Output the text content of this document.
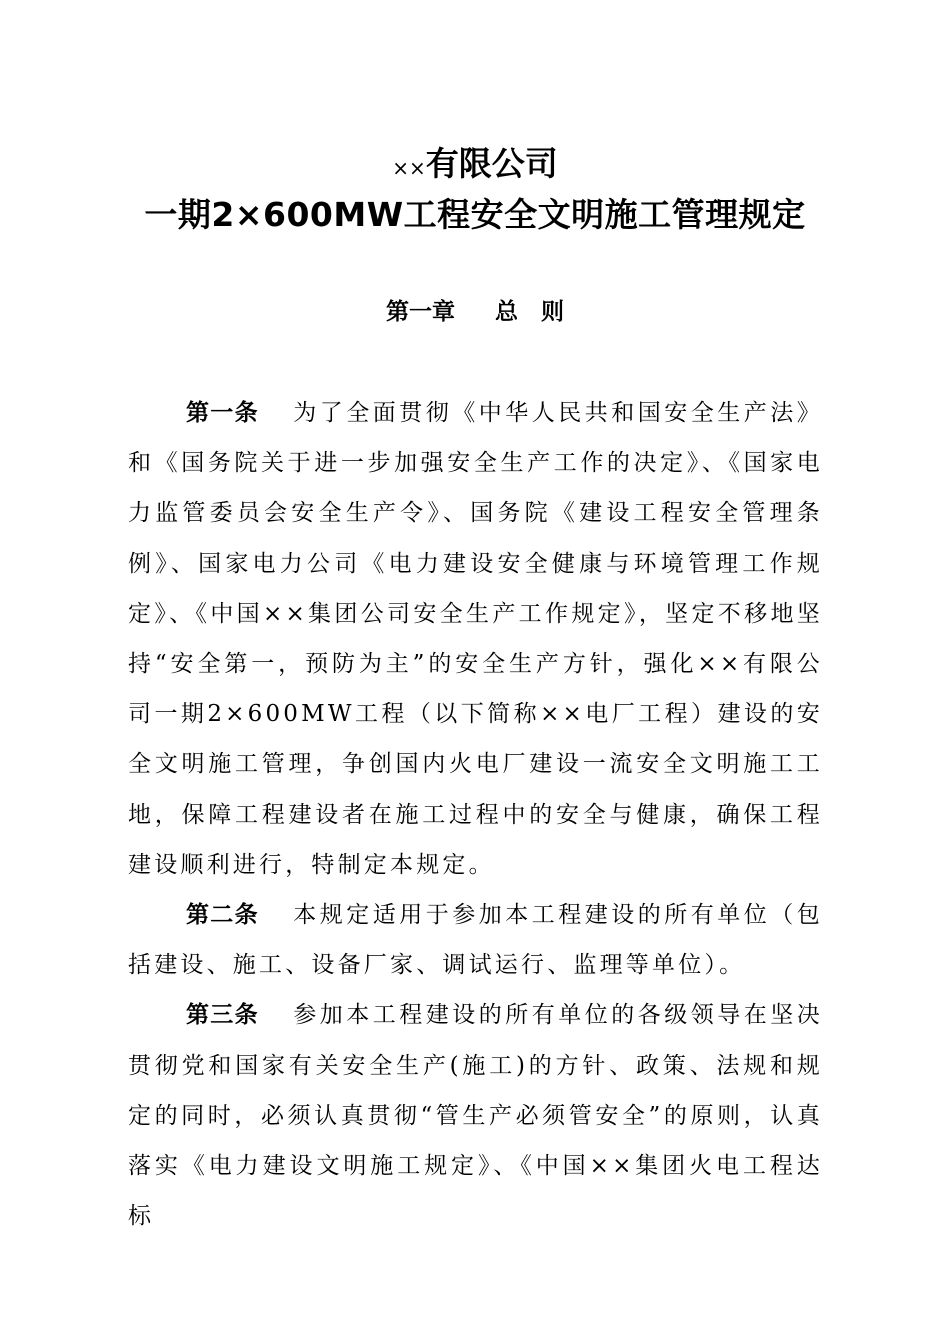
××有限公司
一期2×600MW工程安全文明施工管理规定
第一章 总　则

第一条 为了全面贯彻《中华人民共和国安全生产法》和《国务院关于进一步加强安全生产工作的决定》、《国家电力监管委员会安全生产令》、国务院《建设工程安全管理条例》、国家电力公司《电力建设安全健康与环境管理工作规定》、《中国××集团公司安全生产工作规定》，坚定不移地坚持“安全第一，预防为主”的安全生产方针，强化××有限公司一期2×600MW工程（以下简称××电厂工程）建设的安全文明施工管理，争创国内火电厂建设一流安全文明施工工地，保障工程建设者在施工过程中的安全与健康，确保工程建设顺利进行，特制定本规定。

第二条 本规定适用于参加本工程建设的所有单位（包括建设、施工、设备厂家、调试运行、监理等单位）。

第三条 参加本工程建设的所有单位的各级领导在坚决贯彻党和国家有关安全生产(施工)的方针、政策、法规和规定的同时，必须认真贯彻“管生产必须管安全”的原则，认真落实《电力建设文明施工规定》、《中国××集团火电工程达标
